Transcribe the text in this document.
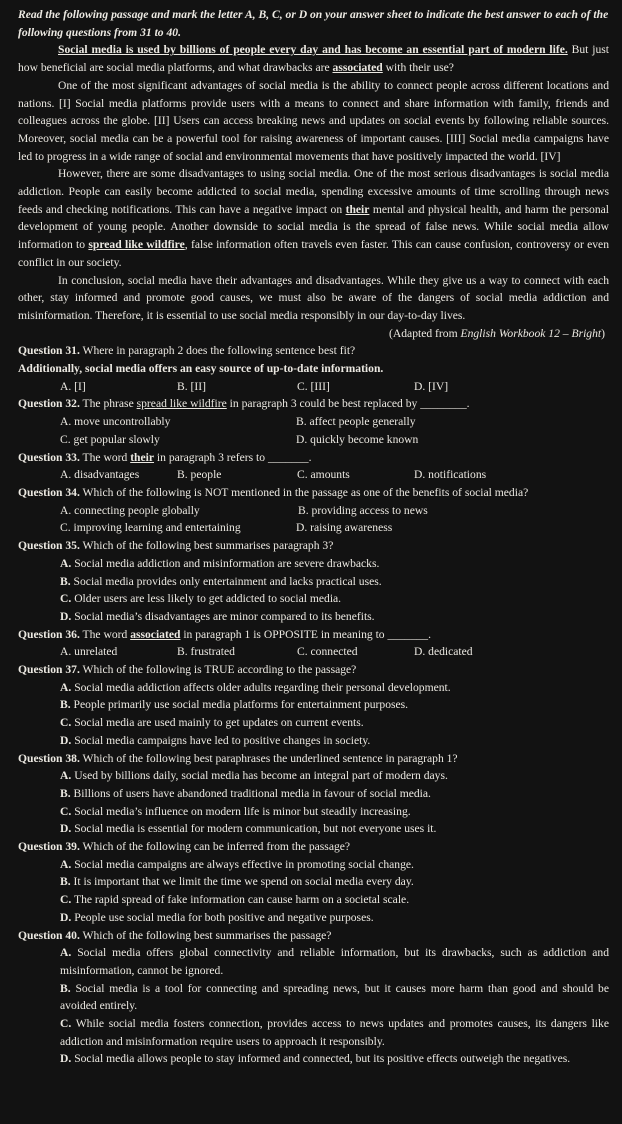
Read the following passage and mark the letter A, B, C, or D on your answer sheet to indicate the best answer to each of the following questions from 31 to 40.

Social media is used by billions of people every day and has become an essential part of modern life. But just how beneficial are social media platforms, and what drawbacks are associated with their use?

One of the most significant advantages of social media is the ability to connect people across different locations and nations. [I] Social media platforms provide users with a means to connect and share information with family, friends and colleagues across the globe. [II] Users can access breaking news and updates on social events by following reliable sources. Moreover, social media can be a powerful tool for raising awareness of important causes. [III] Social media campaigns have led to progress in a wide range of social and environmental movements that have positively impacted the world. [IV]

However, there are some disadvantages to using social media. One of the most serious disadvantages is social media addiction. People can easily become addicted to social media, spending excessive amounts of time scrolling through news feeds and checking notifications. This can have a negative impact on their mental and physical health, and harm the personal development of young people. Another downside to social media is the spread of false news. While social media allow information to spread like wildfire, false information often travels even faster. This can cause confusion, controversy or even conflict in our society.

In conclusion, social media have their advantages and disadvantages. While they give us a way to connect with each other, stay informed and promote good causes, we must also be aware of the dangers of social media addiction and misinformation. Therefore, it is essential to use social media responsibly in our day-to-day lives.

(Adapted from English Workbook 12 – Bright)

Question 31. Where in paragraph 2 does the following sentence best fit?

Additionally, social media offers an easy source of up-to-date information.

A. [I]	B. [II]	C. [III]	D. [IV]

Question 32. The phrase spread like wildfire in paragraph 3 could be best replaced by ________.

A. move uncontrollably	B. affect people generally
C. get popular slowly	D. quickly become known

Question 33. The word their in paragraph 3 refers to _______.

A. disadvantages	B. people	C. amounts	D. notifications

Question 34. Which of the following is NOT mentioned in the passage as one of the benefits of social media?

A. connecting people globally	B. providing access to news
C. improving learning and entertaining	D. raising awareness

Question 35. Which of the following best summarises paragraph 3?

A. Social media addiction and misinformation are severe drawbacks.

B. Social media provides only entertainment and lacks practical uses.

C. Older users are less likely to get addicted to social media.

D. Social media’s disadvantages are minor compared to its benefits.

Question 36. The word associated in paragraph 1 is OPPOSITE in meaning to _______.

A. unrelated	B. frustrated	C. connected	D. dedicated

Question 37. Which of the following is TRUE according to the passage?

A. Social media addiction affects older adults regarding their personal development.

B. People primarily use social media platforms for entertainment purposes.

C. Social media are used mainly to get updates on current events.

D. Social media campaigns have led to positive changes in society.

Question 38. Which of the following best paraphrases the underlined sentence in paragraph 1?

A. Used by billions daily, social media has become an integral part of modern days.

B. Billions of users have abandoned traditional media in favour of social media.

C. Social media’s influence on modern life is minor but steadily increasing.

D. Social media is essential for modern communication, but not everyone uses it.

Question 39. Which of the following can be inferred from the passage?

A. Social media campaigns are always effective in promoting social change.

B. It is important that we limit the time we spend on social media every day.

C. The rapid spread of fake information can cause harm on a societal scale.

D. People use social media for both positive and negative purposes.

Question 40. Which of the following best summarises the passage?

A. Social media offers global connectivity and reliable information, but its drawbacks, such as addiction and misinformation, cannot be ignored.

B. Social media is a tool for connecting and spreading news, but it causes more harm than good and should be avoided entirely.

C. While social media fosters connection, provides access to news updates and promotes causes, its dangers like addiction and misinformation require users to approach it responsibly.

D. Social media allows people to stay informed and connected, but its positive effects outweigh the negatives.
